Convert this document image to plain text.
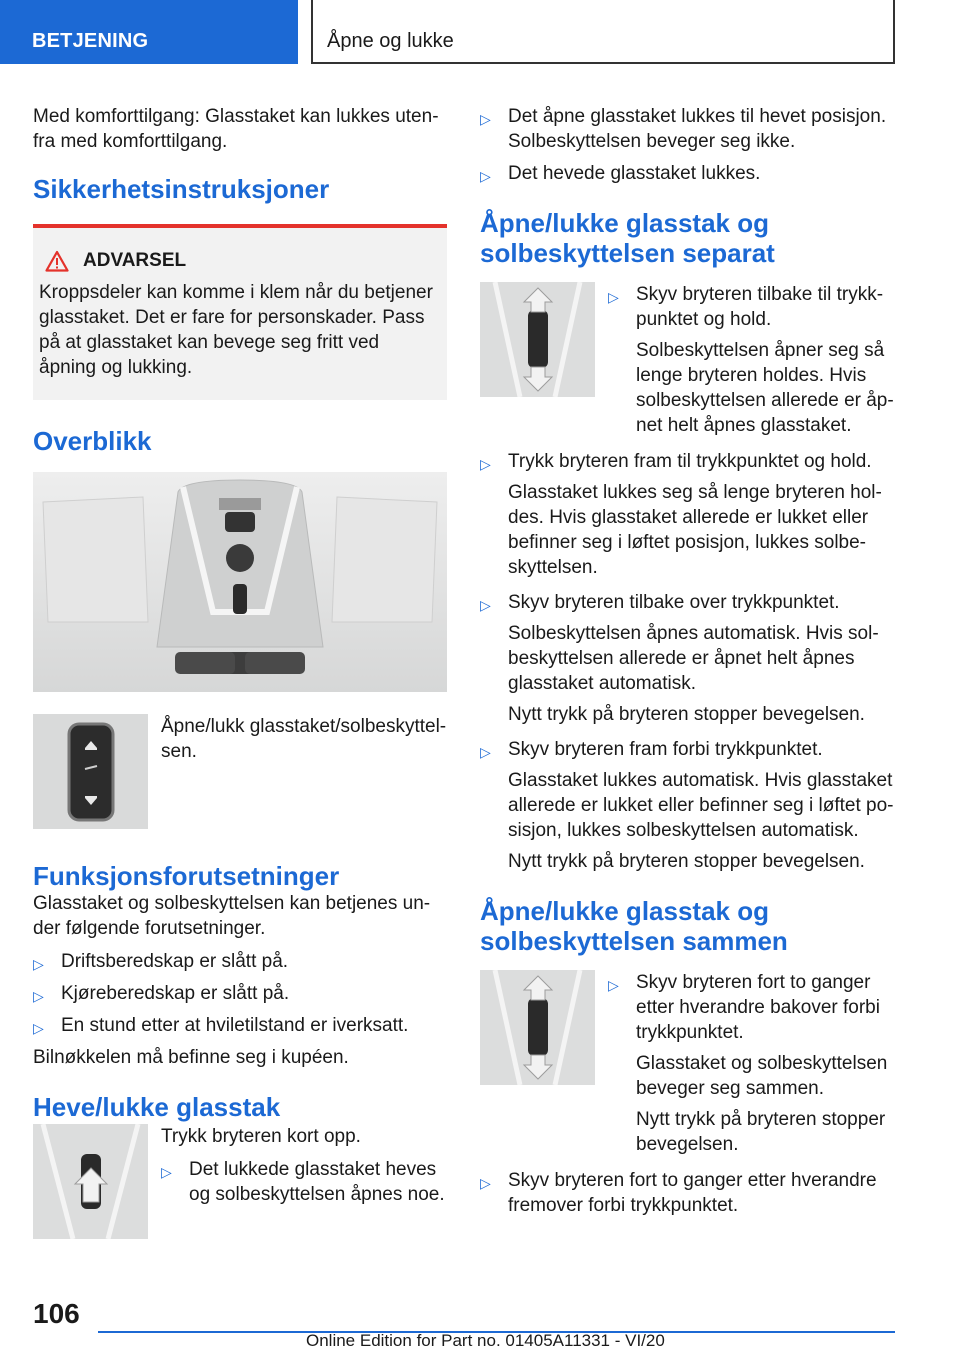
BETJENING	Åpne og lukke

Med komforttilgang: Glasstaket kan lukkes uten-fra med komforttilgang.

Sikkerhetsinstruksjoner
ADVARSEL
Kroppsdeler kan komme i klem når du betjener glasstaket. Det er fare for personskader. Pass på at glasstaket kan bevege seg fritt ved åpning og lukking.
Overblikk

Åpne/lukk glasstaket/solbeskyttel-sen.

Funksjonsforutsetninger

Glasstaket og solbeskyttelsen kan betjenes un-der følgende forutsetninger.

▷ Driftsberedskap er slått på.
▷ Kjøreberedskap er slått på.
▷ En stund etter at hviletilstand er iverksatt.

Bilnøkkelen må befinne seg i kupéen.

Heve/lukke glasstak

Trykk bryteren kort opp.

▷ Det lukkede glasstaket heves og solbeskyttelsen åpnes noe.
▷ Det åpne glasstaket lukkes til hevet posisjon.
Solbeskyttelsen beveger seg ikke.
▷ Det hevede glasstaket lukkes.
Åpne/lukke glasstak og solbeskyttelsen separat
▷ Skyv bryteren tilbake til trykk-punktet og hold.
Solbeskyttelsen åpner seg så lenge bryteren holdes. Hvis solbeskyttelsen allerede er åp-net helt åpnes glasstaket.
▷ Trykk bryteren fram til trykkpunktet og hold.
Glasstaket lukkes seg så lenge bryteren hol-des. Hvis glasstaket allerede er lukket eller befinner seg i løftet posisjon, lukkes solbe-skyttelsen.
▷ Skyv bryteren tilbake over trykkpunktet.
Solbeskyttelsen åpnes automatisk. Hvis sol-beskyttelsen allerede er åpnet helt åpnes glasstaket automatisk.
Nytt trykk på bryteren stopper bevegelsen.
▷ Skyv bryteren fram forbi trykkpunktet.
Glasstaket lukkes automatisk. Hvis glasstaket allerede er lukket eller befinner seg i løftet po-sisjon, lukkes solbeskyttelsen automatisk.
Nytt trykk på bryteren stopper bevegelsen.
Åpne/lukke glasstak og solbeskyttelsen sammen
▷ Skyv bryteren fort to ganger etter hverandre bakover forbi trykkpunktet.
Glasstaket og solbeskyttelsen beveger seg sammen.
Nytt trykk på bryteren stopper bevegelsen.
▷ Skyv bryteren fort to ganger etter hverandre fremover forbi trykkpunktet.
106
Online Edition for Part no. 01405A11331 - VI/20
